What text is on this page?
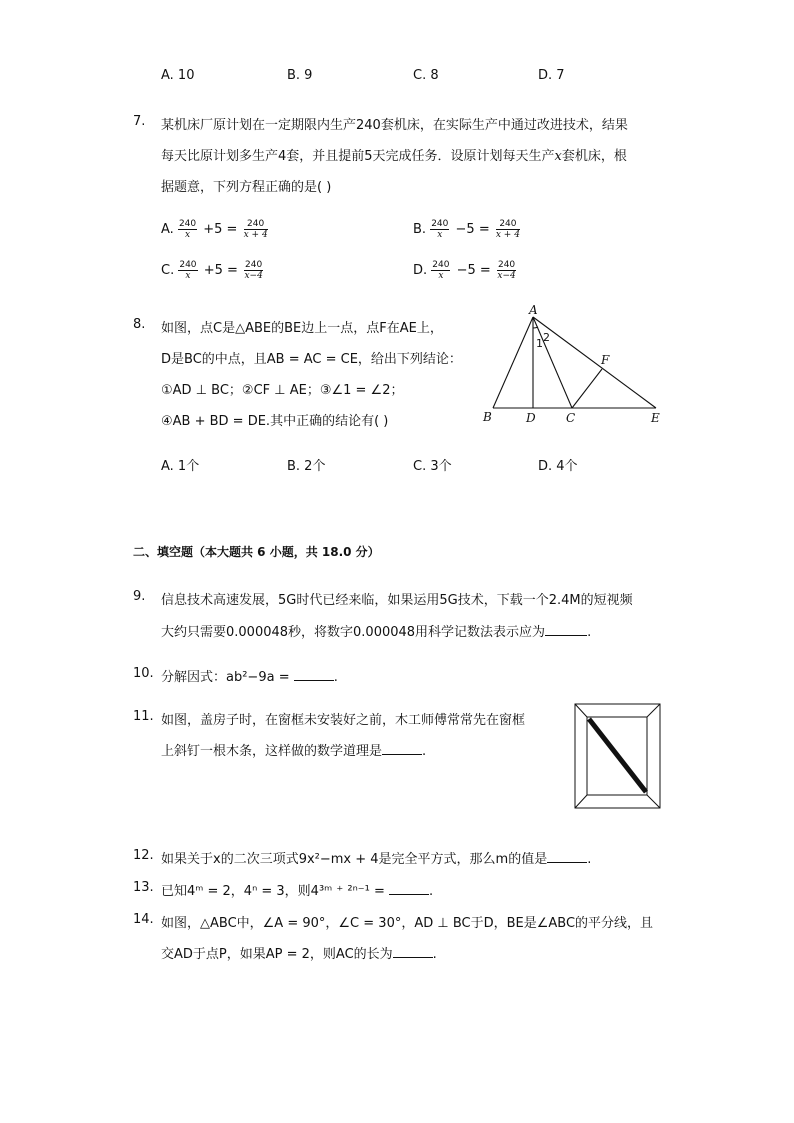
A. 10	B. 9	C. 8	D. 7
7. 某机床厂原计划在一定期限内生产240套机床，在实际生产中通过改进技术，结果
每天比原计划多生产4套，并且提前5天完成任务．设原计划每天生产x套机床，根
据题意，下列方程正确的是( )
A. $\frac{240}{x} +5 = \frac{240}{x + 4}$	B. $\frac{240}{x} -5 = \frac{240}{x + 4}$
C. $\frac{240}{x} +5 = \frac{240}{x-4}$	D. $\frac{240}{x} -5 = \frac{240}{x-4}$
8. 如图，点C是△ABE的BE边上一点，点F在AE上，
D是BC的中点，且AB = AC = CE，给出下列结论：
①AD ⊥ BC；②CF ⊥ AE；③∠1 = ∠2；
④AB + BD = DE.其中正确的结论有( )
A
B	D	C	E
F
1 2
A. 1个	B. 2个	C. 3个	D. 4个
二、填空题（本大题共 6 小题，共 18.0 分）
9. 信息技术高速发展，5G时代已经来临，如果运用5G技术，下载一个2.4M的短视频
大约只需要0.000048秒，将数字0.000048用科学记数法表示应为	.
10. 分解因式：ab²−9a =	.
11. 如图，盖房子时，在窗框未安装好之前，木工师傅常常先在窗框
上斜钉一根木条，这样做的数学道理是	.
12. 如果关于x的二次三项式9x²−mx + 4是完全平方式，那么m的值是	.
13. 已知4ᵐ = 2，4ⁿ = 3，则4³ᵐ ⁺ ²ⁿ⁻¹ =	.
14. 如图，△ABC中，∠A = 90°，∠C = 30°，AD ⊥ BC于D，BE是∠ABC的平分线，且
交AD于点P，如果AP = 2，则AC的长为	.
